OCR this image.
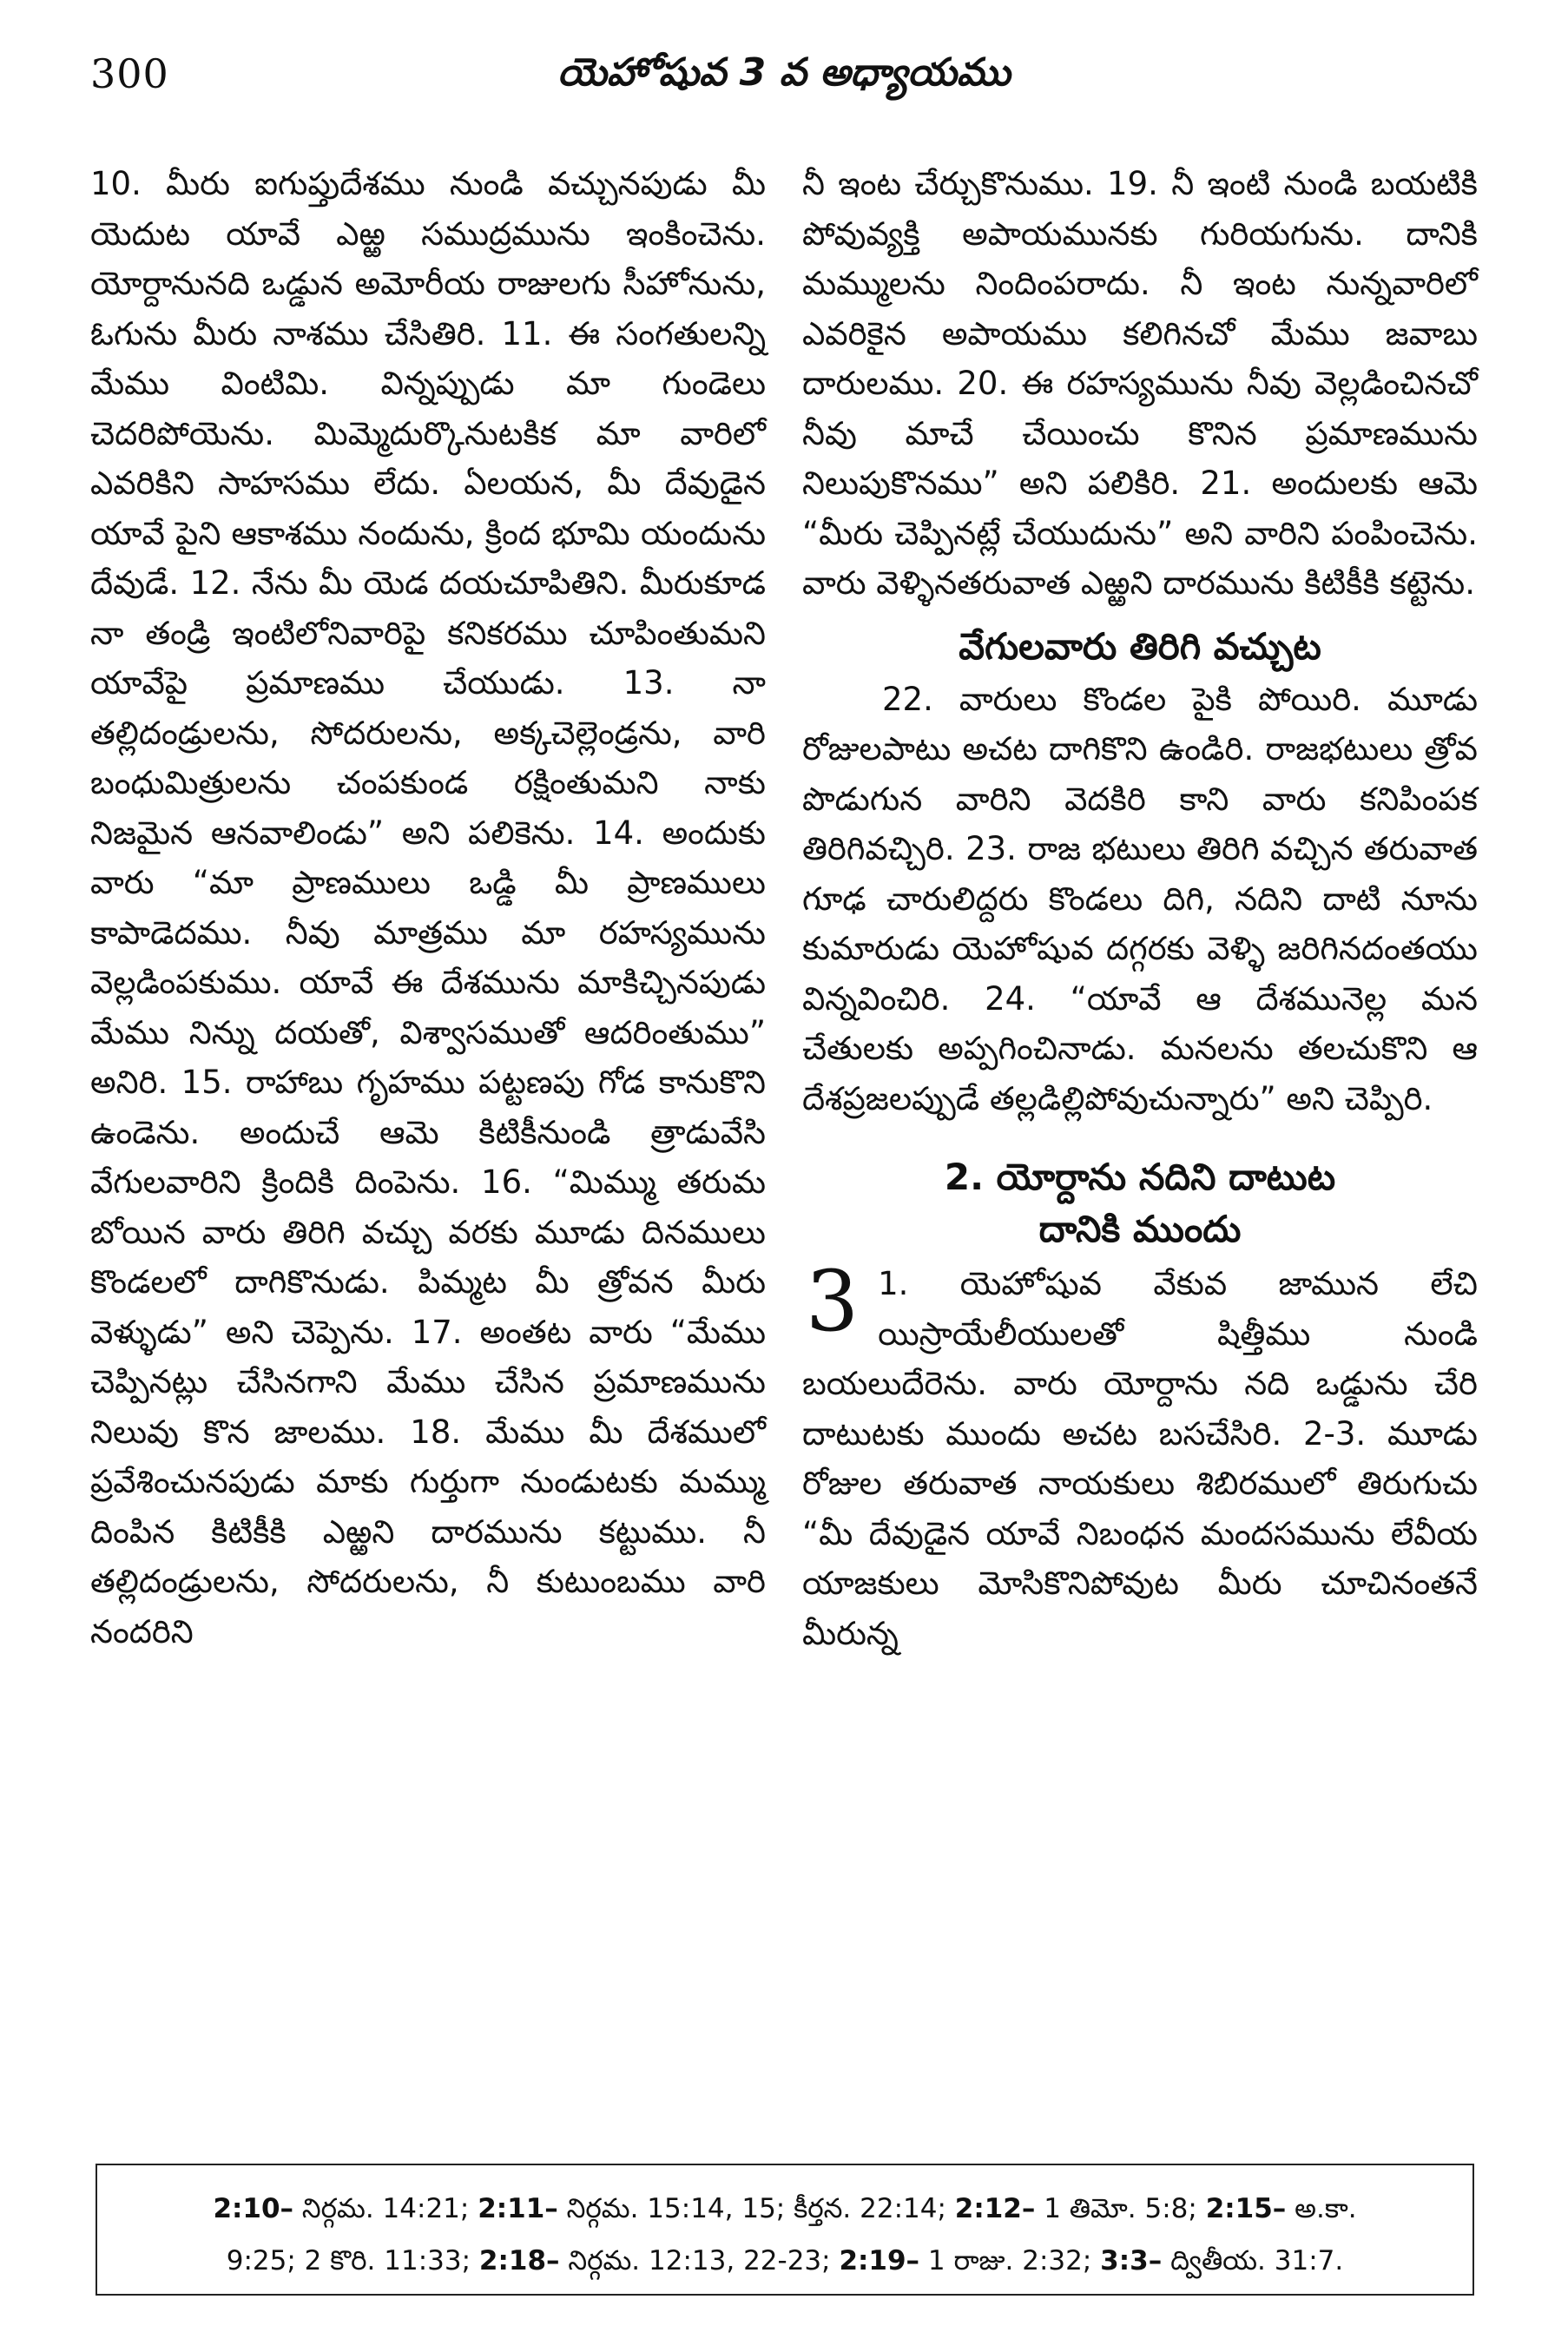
300	యెహోషువ 3 వ అధ్యాయము

10. మీరు ఐగుప్తుదేశము నుండి వచ్చునపుడు మీ యెదుట యావే ఎఱ్ఱ సముద్రమును ఇంకించెను. యోర్దానునది ఒడ్డున అమోరీయ రాజులగు సీహోనును, ఓగును మీరు నాశము చేసితిరి. 11. ఈ సంగతులన్ని మేము వింటిమి. విన్నప్పుడు మా గుండెలు చెదరిపోయెను. మిమ్మెదుర్కొనుటకిక మా వారిలో ఎవరికిని సాహసము లేదు. ఏలయన, మీ దేవుడైన యావే పైని ఆకాశము నందును, క్రింద భూమి యందును దేవుడే. 12. నేను మీ యెడ దయచూపితిని. మీరుకూడ నా తండ్రి ఇంటిలోనివారిపై కనికరము చూపింతుమని యావేపై ప్రమాణము చేయుడు. 13. నా తల్లిదండ్రులను, సోదరులను, అక్కచెల్లెండ్రను, వారి బంధుమిత్రులను చంపకుండ రక్షింతుమని నాకు నిజమైన ఆనవాలిండు” అని పలికెను. 14. అందుకు వారు “మా ప్రాణములు ఒడ్డి మీ ప్రాణములు కాపాడెదము. నీవు మాత్రము మా రహస్యమును వెల్లడింపకుము. యావే ఈ దేశమును మాకిచ్చినపుడు మేము నిన్ను దయతో, విశ్వాసముతో ఆదరింతుము” అనిరి. 15. రాహాబు గృహము పట్టణపు గోడ కానుకొని ఉండెను. అందుచే ఆమె కిటికీనుండి త్రాడువేసి వేగులవారిని క్రిందికి దింపెను. 16. “మిమ్ము తరుమ బోయిన వారు తిరిగి వచ్చు వరకు మూడు దినములు కొండలలో దాగికొనుడు. పిమ్మట మీ త్రోవన మీరు వెళ్ళుడు” అని చెప్పెను. 17. అంతట వారు “మేము చెప్పినట్లు చేసినగాని మేము చేసిన ప్రమాణమును నిలువు కొన జాలము. 18. మేము మీ దేశములో ప్రవేశించునపుడు మాకు గుర్తుగా నుండుటకు మమ్ము దింపిన కిటికీకి ఎఱ్ఱని దారమును కట్టుము. నీ తల్లిదండ్రులను, సోదరులను, నీ కుటుంబము వారి నందరిని

నీ ఇంట చేర్చుకొనుము. 19. నీ ఇంటి నుండి బయటికి పోవువ్యక్తి అపాయమునకు గురియగును. దానికి మమ్ములను నిందింపరాదు. నీ ఇంట నున్నవారిలో ఎవరికైన అపాయము కలిగినచో మేము జవాబు దారులము. 20. ఈ రహస్యమును నీవు వెల్లడించినచో నీవు మాచే చేయించు కొనిన ప్రమాణమును నిలుపుకొనము” అని పలికిరి. 21. అందులకు ఆమె “మీరు చెప్పినట్లే చేయుదును” అని వారిని పంపించెను. వారు వెళ్ళినతరువాత ఎఱ్ఱని దారమును కిటికీకి కట్టెను.

వేగులవారు తిరిగి వచ్చుట

22. వారులు కొండల పైకి పోయిరి. మూడు రోజులపాటు అచట దాగికొని ఉండిరి. రాజభటులు త్రోవ పొడుగున వారిని వెదకిరి కాని వారు కనిపింపక తిరిగివచ్చిరి. 23. రాజ భటులు తిరిగి వచ్చిన తరువాత గూఢ చారులిద్దరు కొండలు దిగి, నదిని దాటి నూను కుమారుడు యెహోషువ దగ్గరకు వెళ్ళి జరిగినదంతయు విన్నవించిరి. 24. “యావే ఆ దేశమునెల్ల మన చేతులకు అప్పగించినాడు. మనలను తలచుకొని ఆ దేశప్రజలప్పుడే తల్లడిల్లిపోవుచున్నారు” అని చెప్పిరి.

2. యోర్దాను నదిని దాటుట
దానికి ముందు
3 1. యెహోషువ వేకువ జామున లేచి యిస్రాయేలీయులతో షిత్తీము నుండి బయలుదేరెను. వారు యోర్దాను నది ఒడ్డును చేరి దాటుటకు ముందు అచట బసచేసిరి. 2-3. మూడు రోజుల తరువాత నాయకులు శిబిరములో తిరుగుచు “మీ దేవుడైన యావే నిబంధన మందసమును లేవీయ యాజకులు మోసికొనిపోవుట మీరు చూచినంతనే మీరున్న

2:10– నిర్గమ. 14:21; 2:11– నిర్గమ. 15:14, 15; కీర్తన. 22:14; 2:12– 1 తిమో. 5:8; 2:15– అ.కా.
9:25; 2 కొరి. 11:33; 2:18– నిర్గమ. 12:13, 22-23; 2:19– 1 రాజు. 2:32; 3:3– ద్వితీయ. 31:7.
